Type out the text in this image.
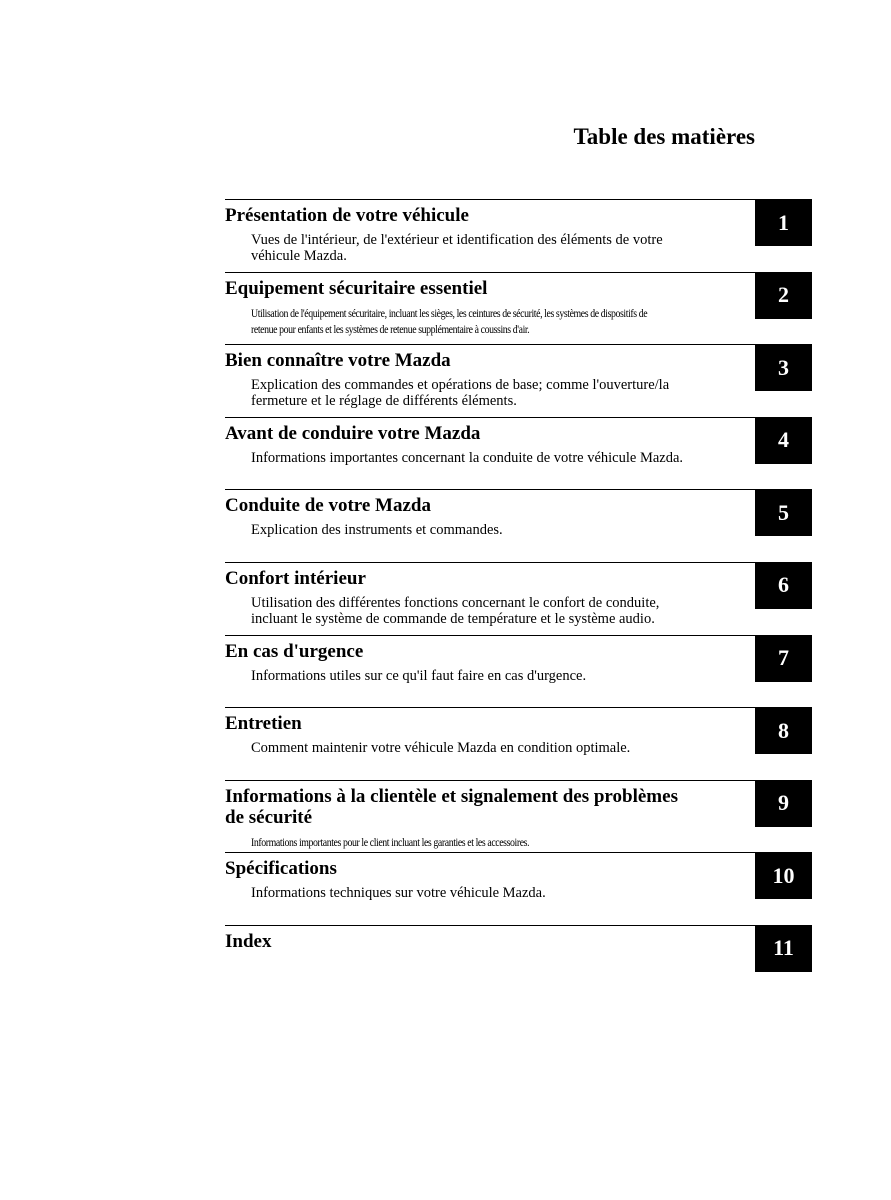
Table des matières
Présentation de votre véhicule
Vues de l'intérieur, de l'extérieur et identification des éléments de votre
véhicule Mazda.
1
Equipement sécuritaire essentiel
Utilisation de l'équipement sécuritaire, incluant les sièges, les ceintures de sécurité, les systèmes de dispositifs de
retenue pour enfants et les systèmes de retenue supplémentaire à coussins d'air.
2
Bien connaître votre Mazda
Explication des commandes et opérations de base; comme l'ouverture/la
fermeture et le réglage de différents éléments.
3
Avant de conduire votre Mazda
Informations importantes concernant la conduite de votre véhicule Mazda.
4
Conduite de votre Mazda
Explication des instruments et commandes.
5
Confort intérieur
Utilisation des différentes fonctions concernant le confort de conduite,
incluant le système de commande de température et le système audio.
6
En cas d'urgence
Informations utiles sur ce qu'il faut faire en cas d'urgence.
7
Entretien
Comment maintenir votre véhicule Mazda en condition optimale.
8
Informations à la clientèle et signalement des problèmes
de sécurité
Informations importantes pour le client incluant les garanties et les accessoires.
9
Spécifications
Informations techniques sur votre véhicule Mazda.
10
Index	11
